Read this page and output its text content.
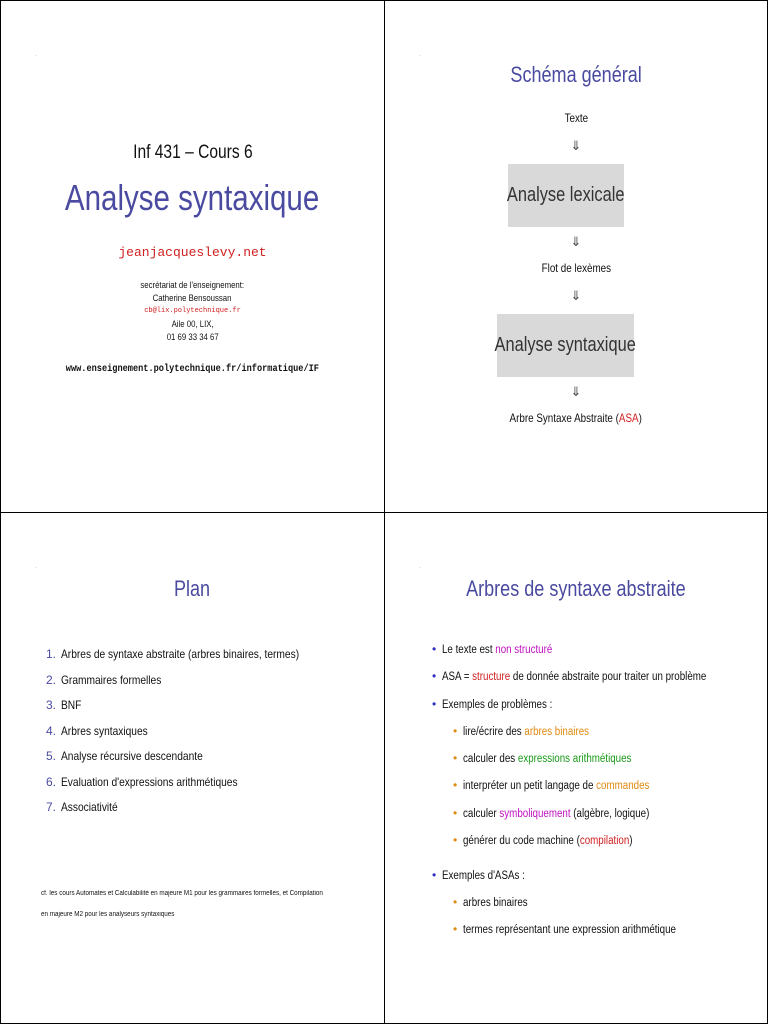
.
Inf 431 – Cours 6
Analyse syntaxique
jeanjacqueslevy.net
secrétariat de l'enseignement:
Catherine Bensoussan
cb@lix.polytechnique.fr
Aile 00, LIX,
01 69 33 34 67
www.enseignement.polytechnique.fr/informatique/IF
.
Schéma général
Texte
⇓
Analyse lexicale
⇓
Flot de lexèmes
⇓
Analyse syntaxique
⇓
Arbre Syntaxe Abstraite (ASA)
.
Plan
1. Arbres de syntaxe abstraite (arbres binaires, termes)
2. Grammaires formelles
3. BNF
4. Arbres syntaxiques
5. Analyse récursive descendante
6. Evaluation d'expressions arithmétiques
7. Associativité
cf. les cours Automates et Calculabilité en majeure M1 pour les grammaires formelles, et Compilation
en majeure M2 pour les analyseurs syntaxiques
.
Arbres de syntaxe abstraite
• Le texte est non structuré
• ASA = structure de donnée abstraite pour traiter un problème
• Exemples de problèmes :
• lire/écrire des arbres binaires
• calculer des expressions arithmétiques
• interpréter un petit langage de commandes
• calculer symboliquement (algèbre, logique)
• générer du code machine (compilation)
• Exemples d'ASAs :
• arbres binaires
• termes représentant une expression arithmétique
